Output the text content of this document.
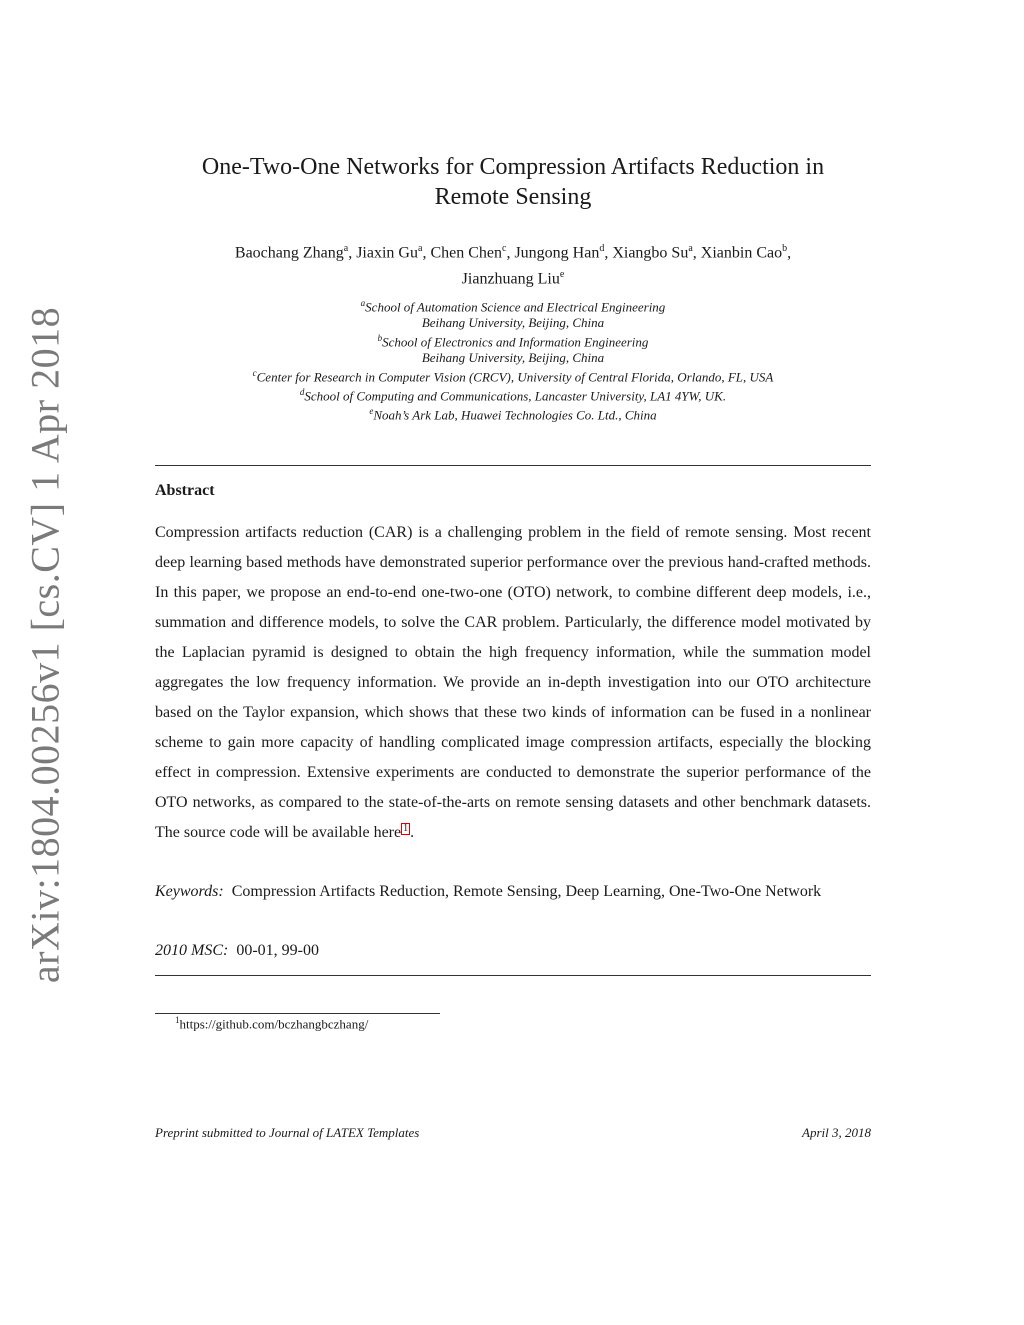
arXiv:1804.00256v1 [cs.CV] 1 Apr 2018
One-Two-One Networks for Compression Artifacts Reduction in
Remote Sensing
Baochang Zhang$^a$, Jiaxin Gu$^a$, Chen Chen$^c$, Jungong Han$^d$, Xiangbo Su$^a$, Xianbin Cao$^b$,
Jianzhuang Liu$^e$
$^a$School of Automation Science and Electrical Engineering
Beihang University, Beijing, China
$^b$School of Electronics and Information Engineering
Beihang University, Beijing, China
$^c$Center for Research in Computer Vision (CRCV), University of Central Florida, Orlando, FL, USA
$^d$School of Computing and Communications, Lancaster University, LA1 4YW, UK.
$^e$Noah’s Ark Lab, Huawei Technologies Co. Ltd., China
Abstract

Compression artifacts reduction (CAR) is a challenging problem in the field of remote sensing. Most recent deep learning based methods have demonstrated superior performance over the previous hand-crafted methods. In this paper, we propose an end-to-end one-two-one (OTO) network, to combine different deep models, i.e., summation and difference models, to solve the CAR problem. Particularly, the difference model motivated by the Laplacian pyramid is designed to obtain the high frequency information, while the summation model aggregates the low frequency information. We provide an in-depth investigation into our OTO architecture based on the Taylor expansion, which shows that these two kinds of information can be fused in a nonlinear scheme to gain more capacity of handling complicated image compression artifacts, especially the blocking effect in compression. Extensive experiments are conducted to demonstrate the superior performance of the OTO networks, as compared to the state-of-the-arts on remote sensing datasets and other benchmark datasets. The source code will be available here 1 .

Keywords: Compression Artifacts Reduction, Remote Sensing, Deep Learning, One-Two-One Network

2010 MSC: 00-01, 99-00

$^1$https://github.com/bczhangbczhang/
Preprint submitted to Journal of LATEX Templates	April 3, 2018
